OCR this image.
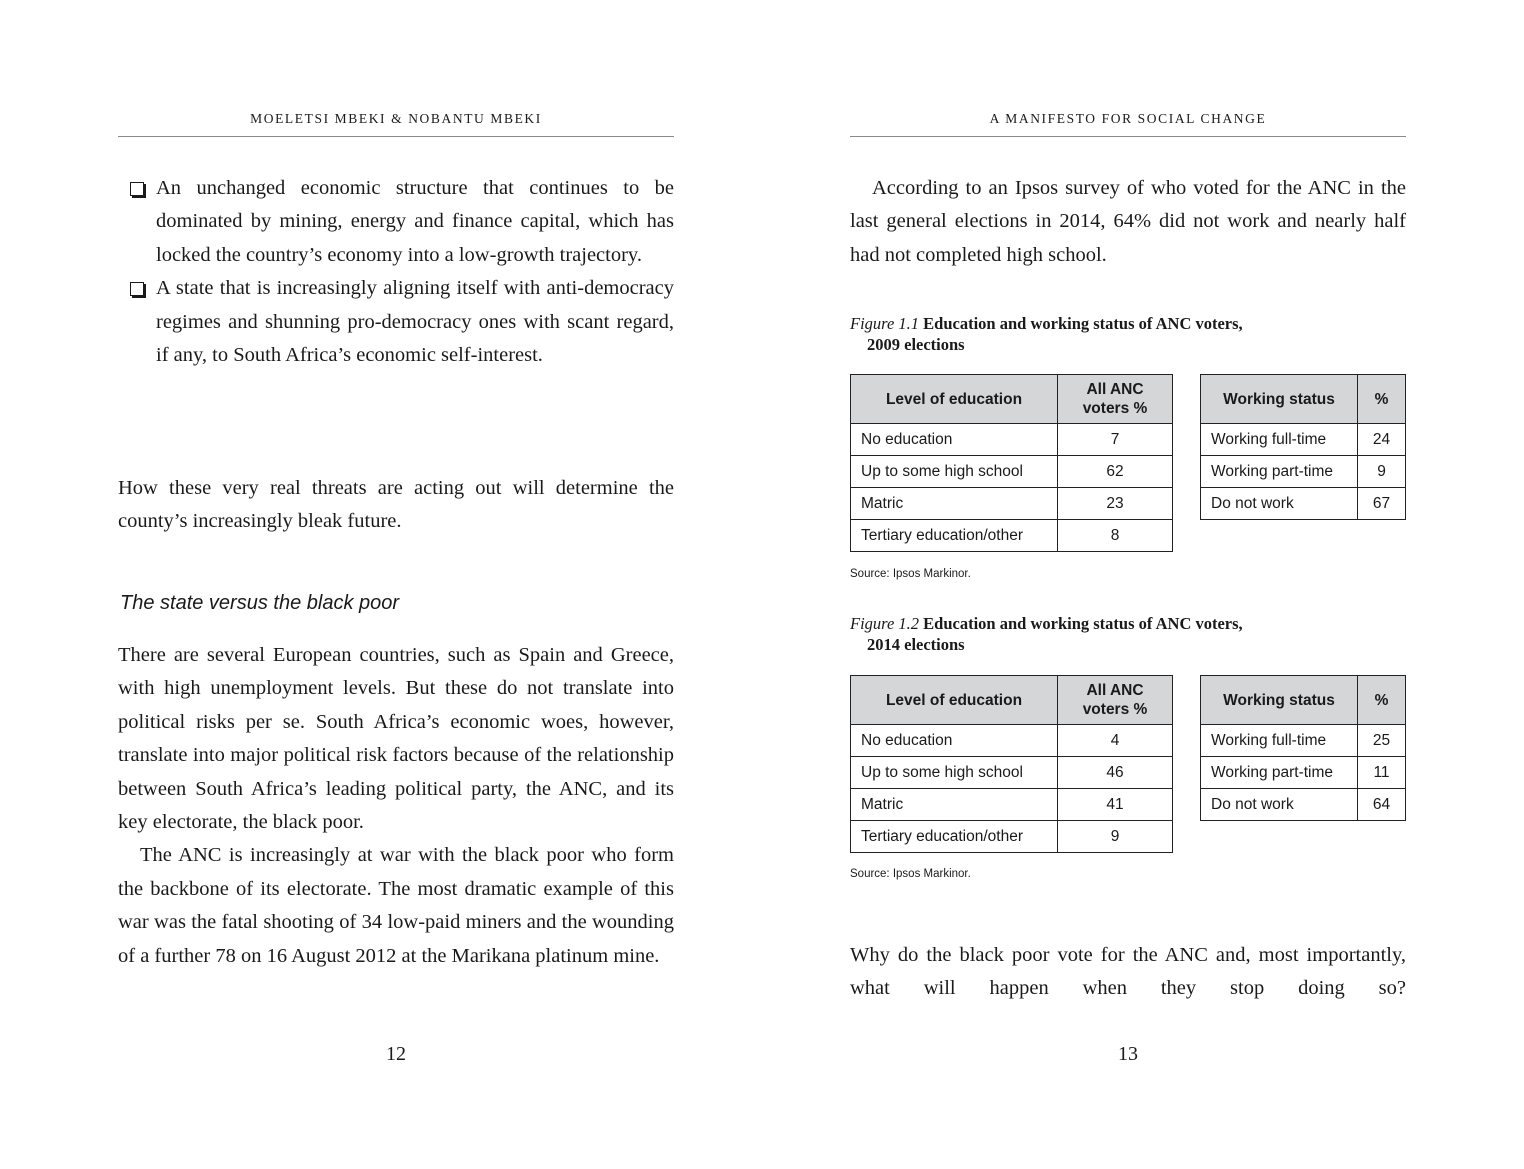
MOELETSI MBEKI & NOBANTU MBEKI
An unchanged economic structure that continues to be dominated by mining, energy and finance capital, which has locked the country’s economy into a low-growth trajectory.
A state that is increasingly aligning itself with anti-democracy regimes and shunning pro-democracy ones with scant regard, if any, to South Africa’s economic self-interest.

How these very real threats are acting out will determine the county’s increasingly bleak future.

The state versus the black poor

There are several European countries, such as Spain and Greece, with high unemployment levels. But these do not translate into political risks per se. South Africa’s economic woes, however, translate into major political risk factors because of the relationship between South Africa’s leading political party, the ANC, and its key electorate, the black poor.

The ANC is increasingly at war with the black poor who form the backbone of its electorate. The most dramatic example of this war was the fatal shooting of 34 low-paid miners and the wounding of a further 78 on 16 August 2012 at the Marikana platinum mine.

12
A MANIFESTO FOR SOCIAL CHANGE

According to an Ipsos survey of who voted for the ANC in the last general elections in 2014, 64% did not work and nearly half had not completed high school.

Figure 1.1 Education and working status of ANC voters,
2009 elections
Level of education	All ANC voters %
No education	7
Up to some high school	62
Matric	23
Tertiary education/other	8
Working status	%
Working full-time	24
Working part-time	9
Do not work	67
Source: Ipsos Markinor.
Figure 1.2 Education and working status of ANC voters,
2014 elections
Level of education	All ANC voters %
No education	4
Up to some high school	46
Matric	41
Tertiary education/other	9
Working status	%
Working full-time	25
Working part-time	11
Do not work	64
Source: Ipsos Markinor.

Why do the black poor vote for the ANC and, most importantly, what will happen when they stop doing so?

13
